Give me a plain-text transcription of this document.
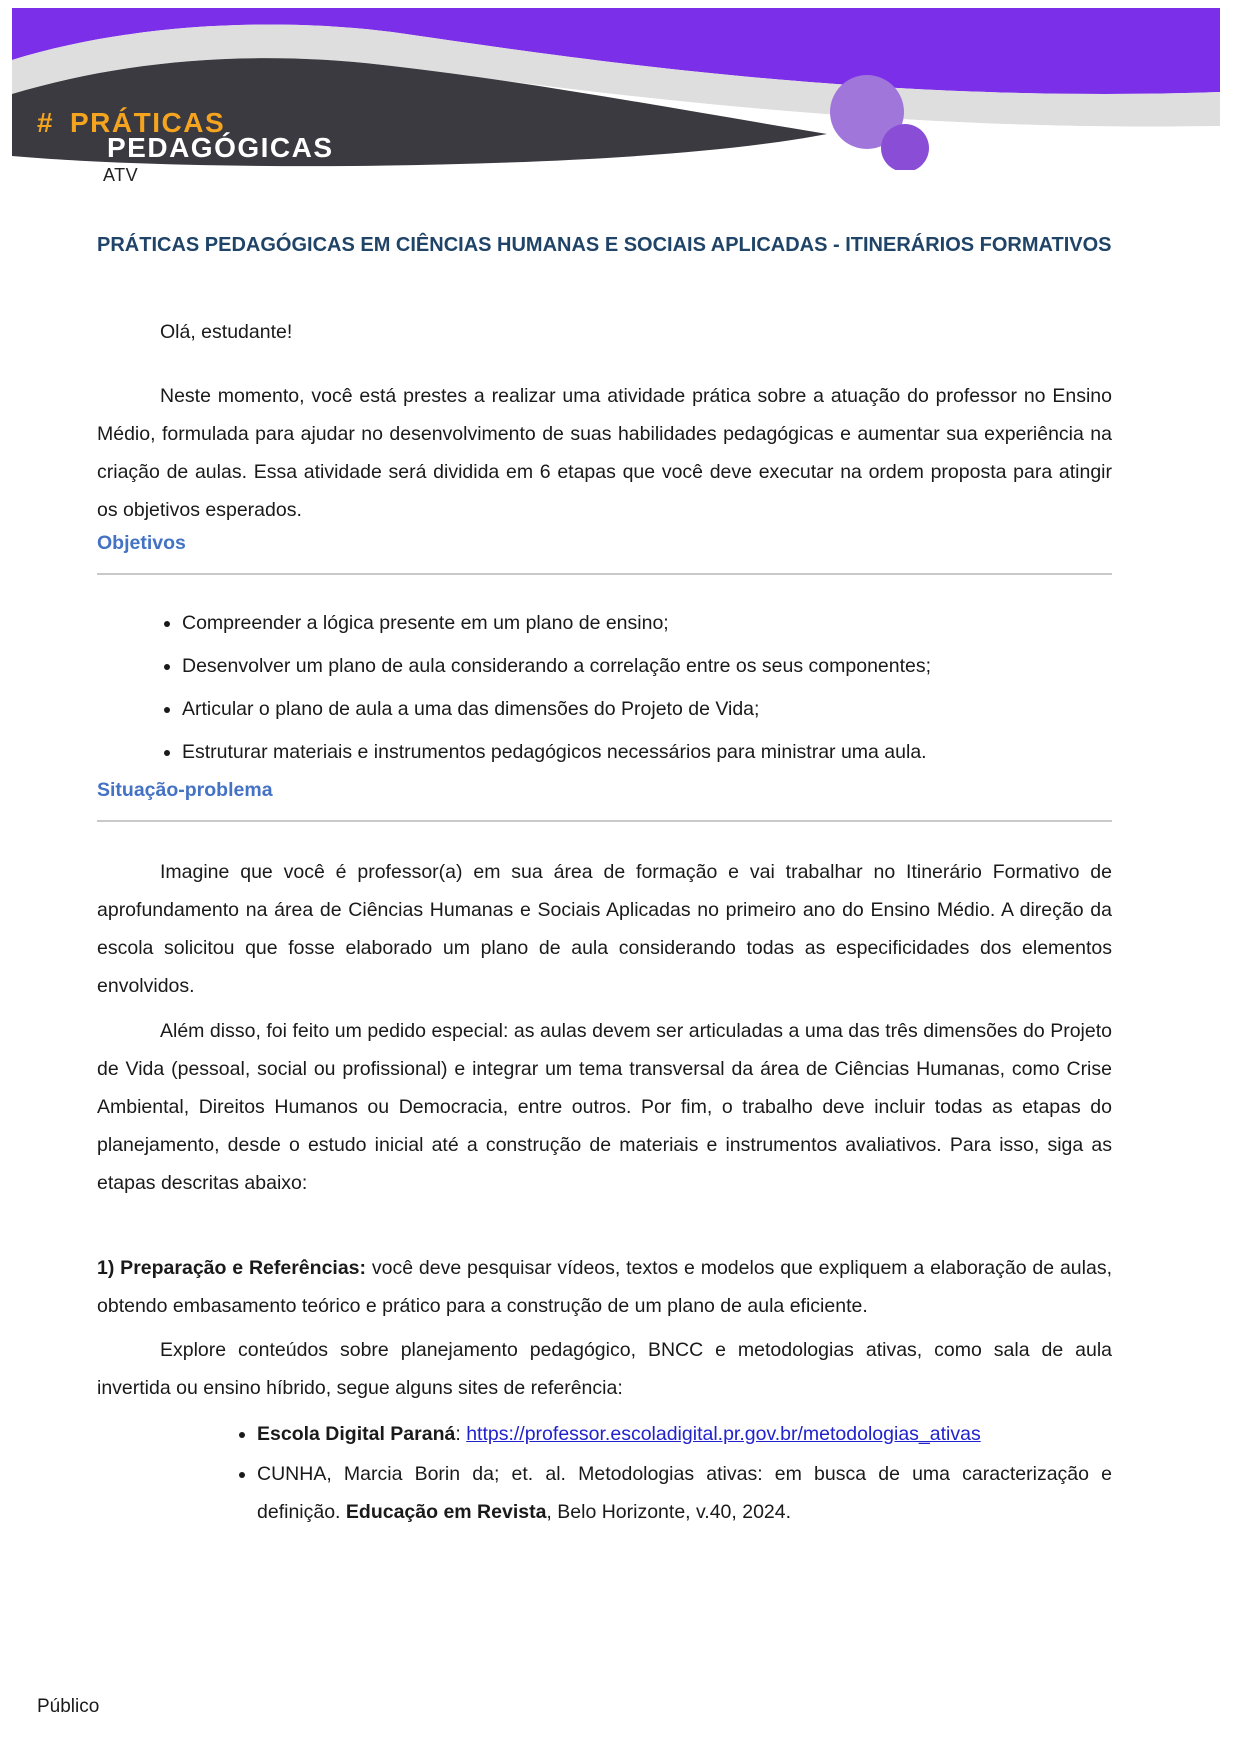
# PRÁTICAS
PEDAGÓGICAS
ATV
PRÁTICAS PEDAGÓGICAS EM CIÊNCIAS HUMANAS E SOCIAIS APLICADAS - ITINERÁRIOS FORMATIVOS

Olá, estudante!

Neste momento, você está prestes a realizar uma atividade prática sobre a atuação do professor no Ensino Médio, formulada para ajudar no desenvolvimento de suas habilidades pedagógicas e aumentar sua experiência na criação de aulas. Essa atividade será dividida em 6 etapas que você deve executar na ordem proposta para atingir os objetivos esperados.

Objetivos
• Compreender a lógica presente em um plano de ensino;
• Desenvolver um plano de aula considerando a correlação entre os seus componentes;
• Articular o plano de aula a uma das dimensões do Projeto de Vida;
• Estruturar materiais e instrumentos pedagógicos necessários para ministrar uma aula.
Situação-problema

Imagine que você é professor(a) em sua área de formação e vai trabalhar no Itinerário Formativo de aprofundamento na área de Ciências Humanas e Sociais Aplicadas no primeiro ano do Ensino Médio. A direção da escola solicitou que fosse elaborado um plano de aula considerando todas as especificidades dos elementos envolvidos.

Além disso, foi feito um pedido especial: as aulas devem ser articuladas a uma das três dimensões do Projeto de Vida (pessoal, social ou profissional) e integrar um tema transversal da área de Ciências Humanas, como Crise Ambiental, Direitos Humanos ou Democracia, entre outros. Por fim, o trabalho deve incluir todas as etapas do planejamento, desde o estudo inicial até a construção de materiais e instrumentos avaliativos. Para isso, siga as etapas descritas abaixo:

1) Preparação e Referências: você deve pesquisar vídeos, textos e modelos que expliquem a elaboração de aulas, obtendo embasamento teórico e prático para a construção de um plano de aula eficiente.

Explore conteúdos sobre planejamento pedagógico, BNCC e metodologias ativas, como sala de aula invertida ou ensino híbrido, segue alguns sites de referência:

• Escola Digital Paraná: https://professor.escoladigital.pr.gov.br/metodologias_ativas
• CUNHA, Marcia Borin da; et. al. Metodologias ativas: em busca de uma caracterização e definição. Educação em Revista, Belo Horizonte, v.40, 2024.
Público
